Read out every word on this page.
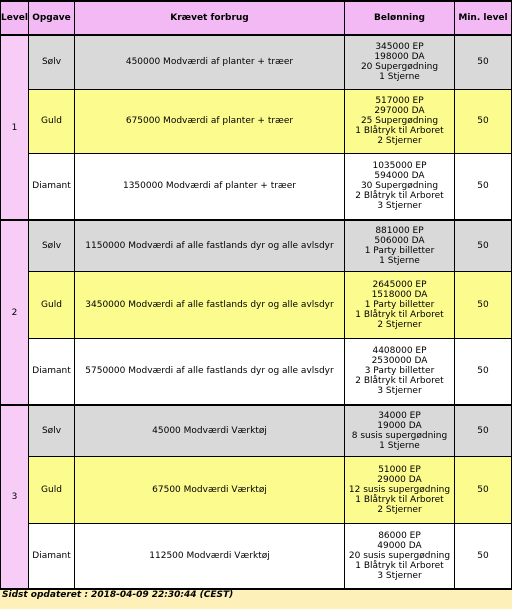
Level	Opgave	Krævet forbrug	Belønning	Min. level
1	Sølv	450000 Modværdi af planter + træer	345000 EP
198000 DA
20 Supergødning
1 Stjerne	50
	Guld	675000 Modværdi af planter + træer	517000 EP
297000 DA
25 Supergødning
1 Blåtryk til Arboret
2 Stjerner	50
	Diamant	1350000 Modværdi af planter + træer	1035000 EP
594000 DA
30 Supergødning
2 Blåtryk til Arboret
3 Stjerner	50
2	Sølv	1150000 Modværdi af alle fastlands dyr og alle avlsdyr	881000 EP
506000 DA
1 Party billetter
1 Stjerne	50
	Guld	3450000 Modværdi af alle fastlands dyr og alle avlsdyr	2645000 EP
1518000 DA
1 Party billetter
1 Blåtryk til Arboret
2 Stjerner	50
	Diamant	5750000 Modværdi af alle fastlands dyr og alle avlsdyr	4408000 EP
2530000 DA
3 Party billetter
2 Blåtryk til Arboret
3 Stjerner	50
3	Sølv	45000 Modværdi Værktøj	34000 EP
19000 DA
8 susis supergødning
1 Stjerne	50
	Guld	67500 Modværdi Værktøj	51000 EP
29000 DA
12 susis supergødning
1 Blåtryk til Arboret
2 Stjerner	50
	Diamant	112500 Modværdi Værktøj	86000 EP
49000 DA
20 susis supergødning
1 Blåtryk til Arboret
3 Stjerner	50
Sidst opdateret : 2018-04-09 22:30:44 (CEST)
